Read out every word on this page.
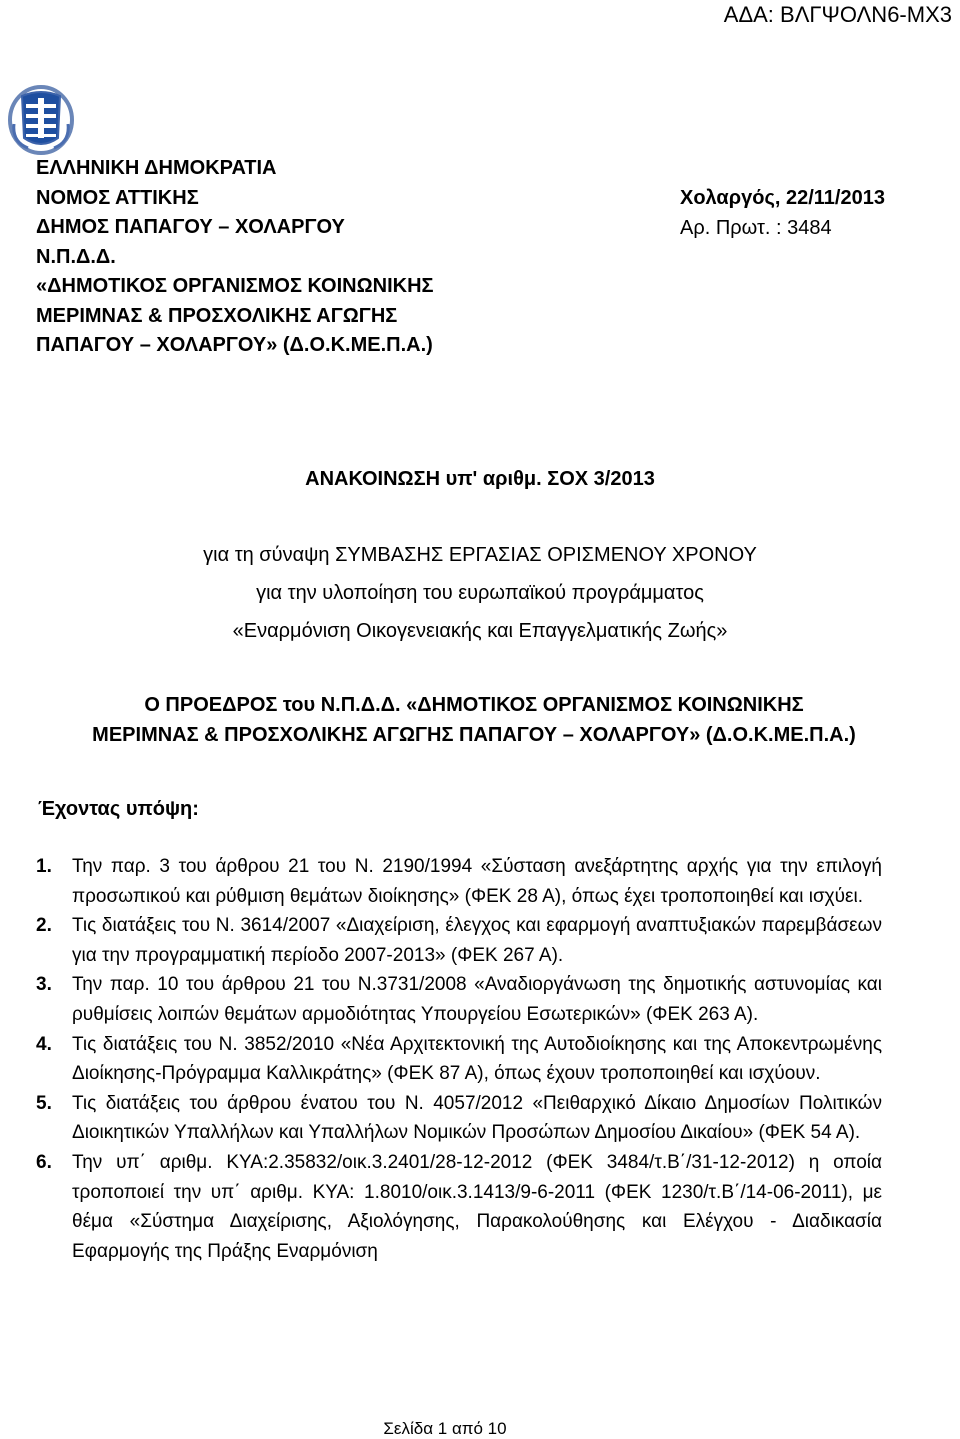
ΑΔΑ: ΒΛΓΨΟΛΝ6-ΜΧ3
ΕΛΛΗΝΙΚΗ ΔΗΜΟΚΡΑΤΙΑ
ΝΟΜΟΣ ΑΤΤΙΚΗΣ
ΔΗΜΟΣ ΠΑΠΑΓΟΥ – ΧΟΛΑΡΓΟΥ
Ν.Π.Δ.Δ.
«ΔΗΜΟΤΙΚΟΣ ΟΡΓΑΝΙΣΜΟΣ ΚΟΙΝΩΝΙΚΗΣ
ΜΕΡΙΜΝΑΣ & ΠΡΟΣΧΟΛΙΚΗΣ ΑΓΩΓΗΣ
ΠΑΠΑΓΟΥ – ΧΟΛΑΡΓΟΥ» (Δ.Ο.Κ.ΜΕ.Π.Α.)
Χολαργός, 22/11/2013
Αρ. Πρωτ. : 3484
ΑΝΑΚΟΙΝΩΣΗ υπ' αριθμ. ΣΟΧ 3/2013
για τη σύναψη ΣΥΜΒΑΣΗΣ ΕΡΓΑΣΙΑΣ ΟΡΙΣΜΕΝΟΥ ΧΡΟΝΟΥ
για την υλοποίηση του ευρωπαϊκού προγράμματος
«Εναρμόνιση Οικογενειακής και Επαγγελματικής Ζωής»
Ο ΠΡΟΕΔΡΟΣ του Ν.Π.Δ.Δ. «ΔΗΜΟΤΙΚΟΣ ΟΡΓΑΝΙΣΜΟΣ ΚΟΙΝΩΝΙΚΗΣ
ΜΕΡΙΜΝΑΣ & ΠΡΟΣΧΟΛΙΚΗΣ ΑΓΩΓΗΣ ΠΑΠΑΓΟΥ – ΧΟΛΑΡΓΟΥ» (Δ.Ο.Κ.ΜΕ.Π.Α.)
Έχοντας υπόψη:
1.	Την παρ. 3 του άρθρου 21 του Ν. 2190/1994 «Σύσταση ανεξάρτητης αρχής για την επιλογή προσωπικού και ρύθμιση θεμάτων διοίκησης» (ΦΕΚ 28 Α), όπως έχει τροποποιηθεί και ισχύει.
2.	Τις διατάξεις του Ν. 3614/2007 «Διαχείριση, έλεγχος και εφαρμογή αναπτυξιακών παρεμβάσεων για την προγραμματική περίοδο 2007-2013» (ΦΕΚ 267 Α).
3.	Την παρ. 10 του άρθρου 21 του Ν.3731/2008 «Αναδιοργάνωση της δημοτικής αστυνομίας και ρυθμίσεις λοιπών θεμάτων αρμοδιότητας Υπουργείου Εσωτερικών» (ΦΕΚ 263 Α).
4.	Τις διατάξεις του Ν. 3852/2010 «Νέα Αρχιτεκτονική της Αυτοδιοίκησης και της Αποκεντρωμένης Διοίκησης-Πρόγραμμα Καλλικράτης» (ΦΕΚ 87 Α), όπως έχουν τροποποιηθεί και ισχύουν.
5.	Τις διατάξεις του άρθρου ένατου του Ν. 4057/2012 «Πειθαρχικό Δίκαιο Δημοσίων Πολιτικών Διοικητικών Υπαλλήλων και Υπαλλήλων Νομικών Προσώπων Δημοσίου Δικαίου» (ΦΕΚ 54 Α).
6.	Την υπ΄ αριθμ. ΚΥΑ:2.35832/οικ.3.2401/28-12-2012 (ΦΕΚ 3484/τ.Β΄/31-12-2012) η οποία τροποποιεί την υπ΄ αριθμ. ΚΥΑ: 1.8010/οικ.3.1413/9-6-2011 (ΦΕΚ 1230/τ.Β΄/14-06-2011), με θέμα «Σύστημα Διαχείρισης, Αξιολόγησης, Παρακολούθησης και Ελέγχου - Διαδικασία Εφαρμογής της Πράξης Εναρμόνιση
Σελίδα 1 από 10
